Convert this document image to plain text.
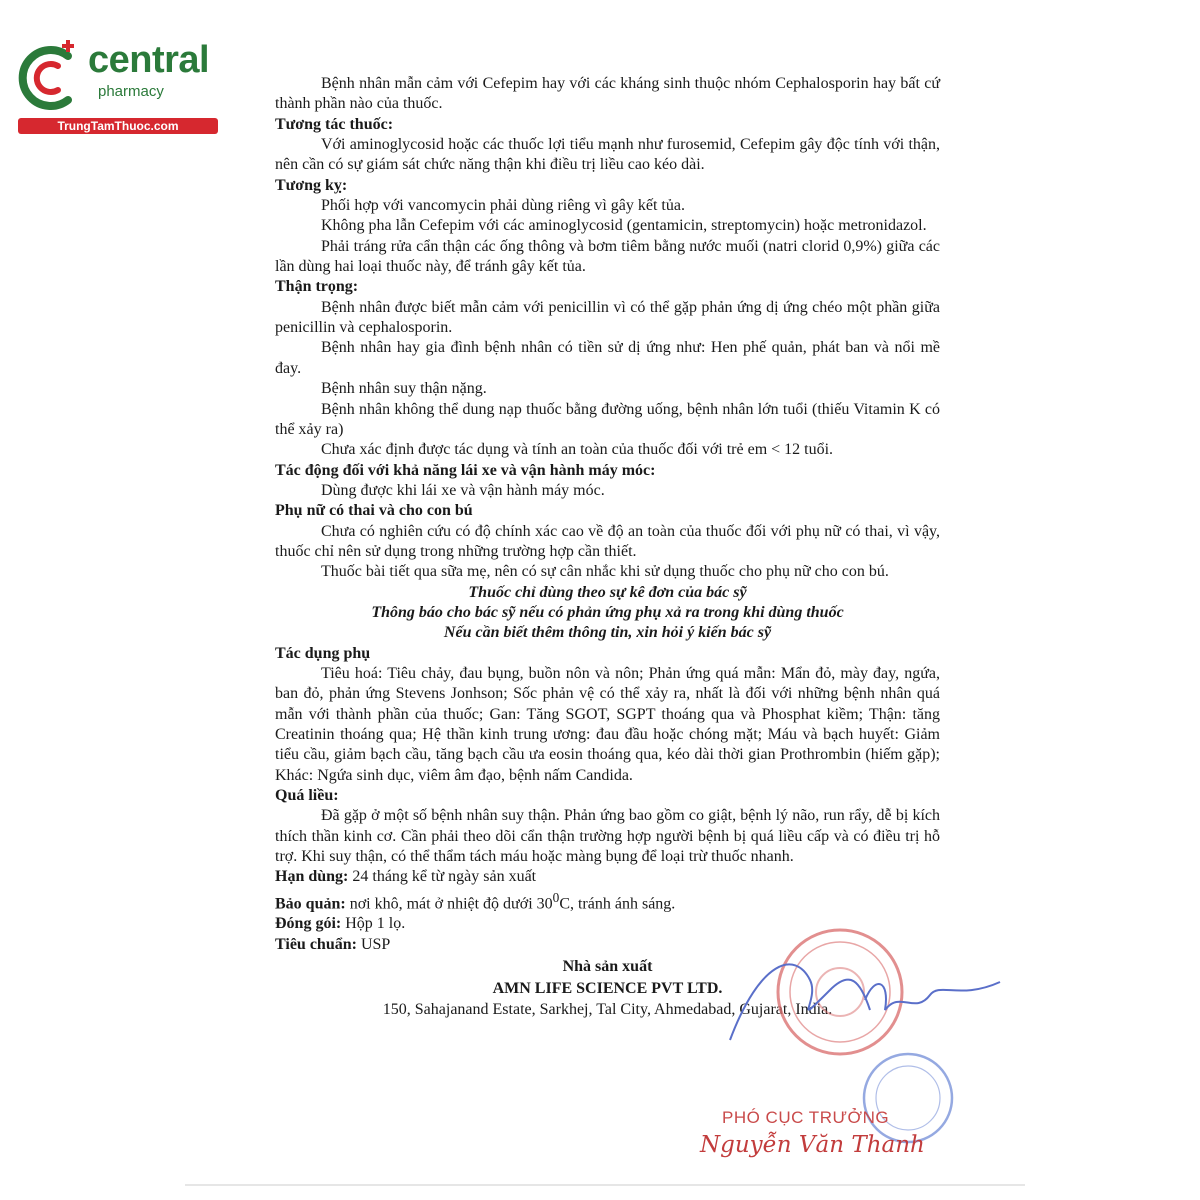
central
pharmacy
TrungTamThuoc.com

Bệnh nhân mẫn cảm với Cefepim hay với các kháng sinh thuộc nhóm Cephalosporin hay bất cứ thành phần nào của thuốc.

Tương tác thuốc:

Với aminoglycosid hoặc các thuốc lợi tiểu mạnh như furosemid, Cefepim gây độc tính với thận, nên cần có sự giám sát chức năng thận khi điều trị liều cao kéo dài.

Tương kỵ:

Phối hợp với vancomycin phải dùng riêng vì gây kết tủa.

Không pha lẫn Cefepim với các aminoglycosid (gentamicin, streptomycin) hoặc metronidazol.

Phải tráng rửa cẩn thận các ống thông và bơm tiêm bằng nước muối (natri clorid 0,9%) giữa các lần dùng hai loại thuốc này, để tránh gây kết tủa.

Thận trọng:

Bệnh nhân được biết mẫn cảm với penicillin vì có thể gặp phản ứng dị ứng chéo một phần giữa penicillin và cephalosporin.

Bệnh nhân hay gia đình bệnh nhân có tiền sử dị ứng như: Hen phế quản, phát ban và nổi mề đay.

Bệnh nhân suy thận nặng.

Bệnh nhân không thể dung nạp thuốc bằng đường uống, bệnh nhân lớn tuổi (thiếu Vitamin K có thể xảy ra)

Chưa xác định được tác dụng và tính an toàn của thuốc đối với trẻ em < 12 tuổi.

Tác động đối với khả năng lái xe và vận hành máy móc:

Dùng được khi lái xe và vận hành máy móc.

Phụ nữ có thai và cho con bú

Chưa có nghiên cứu có độ chính xác cao về độ an toàn của thuốc đối với phụ nữ có thai, vì vậy, thuốc chỉ nên sử dụng trong những trường hợp cần thiết.

Thuốc bài tiết qua sữa mẹ, nên có sự cân nhắc khi sử dụng thuốc cho phụ nữ cho con bú.

Thuốc chỉ dùng theo sự kê đơn của bác sỹ

Thông báo cho bác sỹ nếu có phản ứng phụ xả ra trong khi dùng thuốc

Nếu cần biết thêm thông tin, xin hỏi ý kiến bác sỹ

Tác dụng phụ

Tiêu hoá: Tiêu chảy, đau bụng, buồn nôn và nôn; Phản ứng quá mẫn: Mẩn đỏ, mày đay, ngứa, ban đỏ, phản ứng Stevens Jonhson; Sốc phản vệ có thể xảy ra, nhất là đối với những bệnh nhân quá mẫn với thành phần của thuốc; Gan: Tăng SGOT, SGPT thoáng qua và Phosphat kiềm; Thận: tăng Creatinin thoáng qua; Hệ thần kinh trung ương: đau đầu hoặc chóng mặt; Máu và bạch huyết: Giảm tiểu cầu, giảm bạch cầu, tăng bạch cầu ưa eosin thoáng qua, kéo dài thời gian Prothrombin (hiếm gặp); Khác: Ngứa sinh dục, viêm âm đạo, bệnh nấm Candida.

Quá liều:

Đã gặp ở một số bệnh nhân suy thận. Phản ứng bao gồm co giật, bệnh lý não, run rẩy, dễ bị kích thích thần kinh cơ. Cần phải theo dõi cẩn thận trường hợp người bệnh bị quá liều cấp và có điều trị hỗ trợ. Khi suy thận, có thể thẩm tách máu hoặc màng bụng để loại trừ thuốc nhanh.

Hạn dùng: 24 tháng kể từ ngày sản xuất

Bảo quản: nơi khô, mát ở nhiệt độ dưới $30^0C$, tránh ánh sáng.

Đóng gói: Hộp 1 lọ.

Tiêu chuẩn: USP

Nhà sản xuất

AMN LIFE SCIENCE PVT LTD.

150, Sahajanand Estate, Sarkhej, Tal City, Ahmedabad, Gujarat, India.

PHÓ CỤC TRƯỞNG
Nguyễn Văn Thanh
